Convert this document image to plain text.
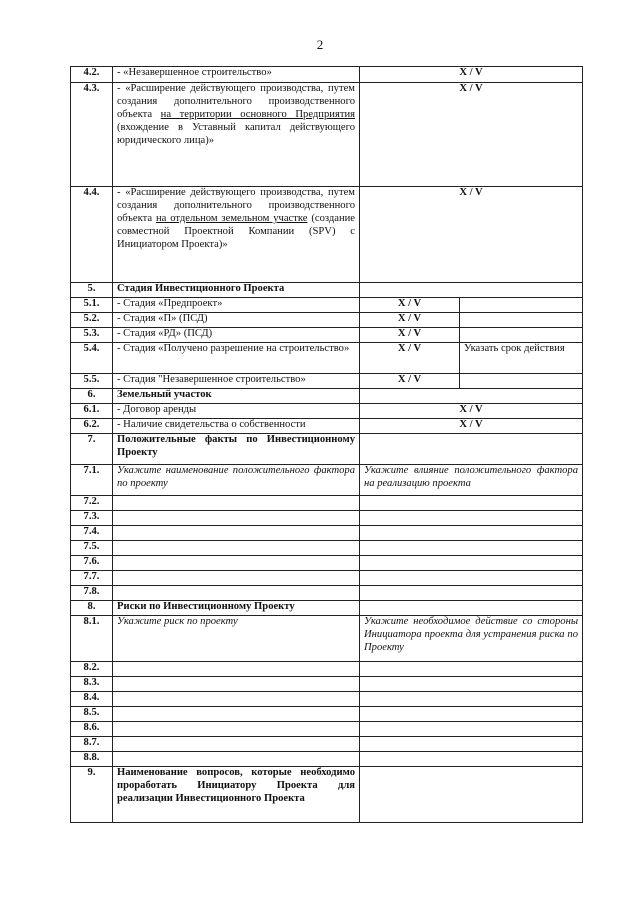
2
4.2.	- «Незавершенное строительство»	X / V	
4.3.	- «Расширение действующего производства, путем создания дополнительного производственного объекта на территории основного Предприятия (вхождение в Уставный капитал действующего юридического лица)»	X / V	
4.4.	- «Расширение действующего производства, путем создания дополнительного производственного объекта на отдельном земельном участке (создание совместной Проектной Компании (SPV) с Инициатором Проекта)»	X / V	
5.	Стадия Инвестиционного Проекта		
5.1.	- Стадия «Предпроект»	X / V	
5.2.	- Стадия «П» (ПСД)	X / V	
5.3.	- Стадия «РД» (ПСД)	X / V	
5.4.	- Стадия «Получено разрешение на строительство»	X / V	Указать срок действия
5.5.	- Стадия "Незавершенное строительство»	X / V	
6.	Земельный участок		
6.1.	- Договор аренды	X / V	
6.2.	- Наличие свидетельства о собственности	X / V	
7.	Положительные факты по Инвестиционному Проекту		
7.1.	Укажите наименование положительного фактора по проекту	Укажите влияние положительного фактора на реализацию проекта	
7.2.			
7.3.			
7.4.			
7.5.			
7.6.			
7.7.			
7.8.			
8.	Риски по Инвестиционному Проекту		
8.1.	Укажите риск по проекту	Укажите необходимое действие со стороны Инициатора проекта для устранения риска по Проекту	
8.2.			
8.3.			
8.4.			
8.5.			
8.6.			
8.7.			
8.8.			
9.	Наименование вопросов, которые необходимо проработать Инициатору Проекта для реализации Инвестиционного Проекта		
